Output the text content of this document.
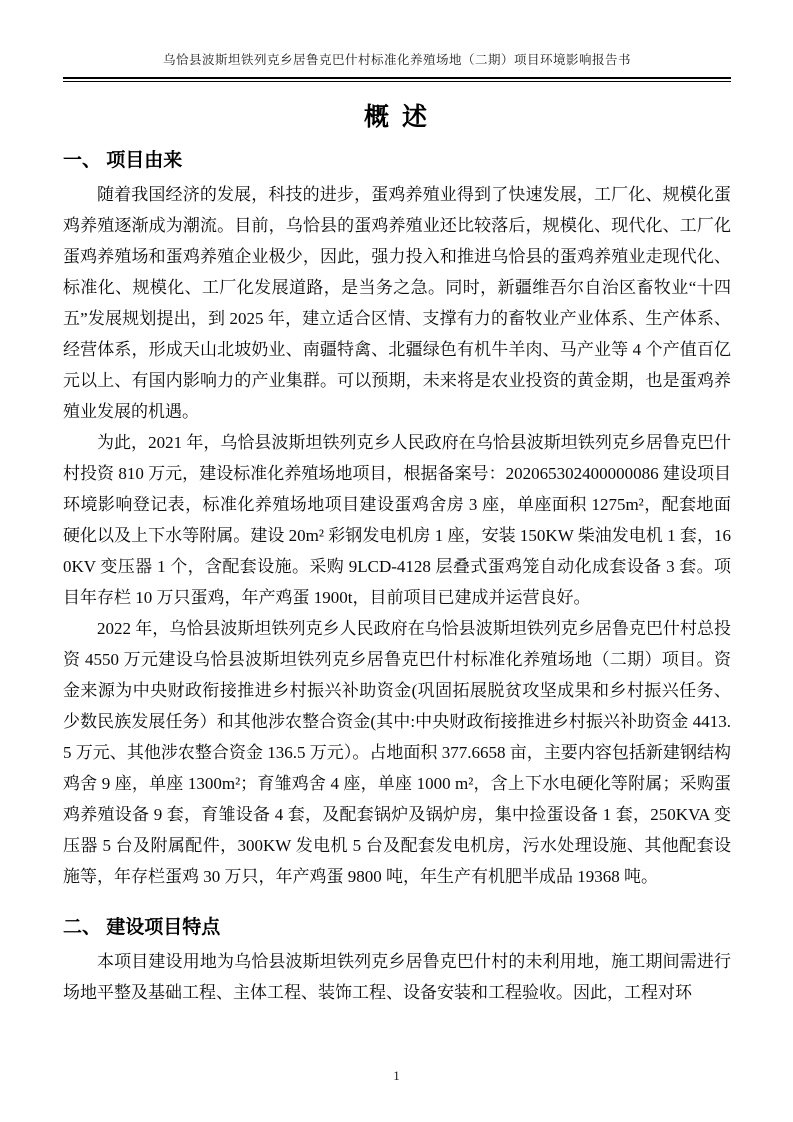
乌恰县波斯坦铁列克乡居鲁克巴什村标准化养殖场地（二期）项目环境影响报告书
概 述
一、 项目由来

随着我国经济的发展，科技的进步，蛋鸡养殖业得到了快速发展，工厂化、规模化蛋鸡养殖逐渐成为潮流。目前，乌恰县的蛋鸡养殖业还比较落后，规模化、现代化、工厂化蛋鸡养殖场和蛋鸡养殖企业极少，因此，强力投入和推进乌恰县的蛋鸡养殖业走现代化、标准化、规模化、工厂化发展道路，是当务之急。同时，新疆维吾尔自治区畜牧业“十四五”发展规划提出，到 2025 年，建立适合区情、支撑有力的畜牧业产业体系、生产体系、经营体系，形成天山北坡奶业、南疆特禽、北疆绿色有机牛羊肉、马产业等 4 个产值百亿元以上、有国内影响力的产业集群。可以预期，未来将是农业投资的黄金期，也是蛋鸡养殖业发展的机遇。

为此，2021 年，乌恰县波斯坦铁列克乡人民政府在乌恰县波斯坦铁列克乡居鲁克巴什村投资 810 万元，建设标准化养殖场地项目，根据备案号：202065302400000086 建设项目环境影响登记表，标准化养殖场地项目建设蛋鸡舍房 3 座，单座面积 1275m²，配套地面硬化以及上下水等附属。建设 20m² 彩钢发电机房 1 座，安装 150KW 柴油发电机 1 套，160KV 变压器 1 个，含配套设施。采购 9LCD-4128 层叠式蛋鸡笼自动化成套设备 3 套。项目年存栏 10 万只蛋鸡，年产鸡蛋 1900t，目前项目已建成并运营良好。

2022 年，乌恰县波斯坦铁列克乡人民政府在乌恰县波斯坦铁列克乡居鲁克巴什村总投资 4550 万元建设乌恰县波斯坦铁列克乡居鲁克巴什村标准化养殖场地（二期）项目。资金来源为中央财政衔接推进乡村振兴补助资金(巩固拓展脱贫攻坚成果和乡村振兴任务、少数民族发展任务）和其他涉农整合资金(其中:中央财政衔接推进乡村振兴补助资金 4413.5 万元、其他涉农整合资金 136.5 万元）。占地面积 377.6658 亩，主要内容包括新建钢结构鸡舍 9 座，单座 1300m²；育雏鸡舍 4 座，单座 1000 m²，含上下水电硬化等附属；采购蛋鸡养殖设备 9 套，育雏设备 4 套，及配套锅炉及锅炉房，集中捡蛋设备 1 套，250KVA 变压器 5 台及附属配件，300KW 发电机 5 台及配套发电机房，污水处理设施、其他配套设施等，年存栏蛋鸡 30 万只，年产鸡蛋 9800 吨，年生产有机肥半成品 19368 吨。

二、 建设项目特点

本项目建设用地为乌恰县波斯坦铁列克乡居鲁克巴什村的未利用地，施工期间需进行场地平整及基础工程、主体工程、装饰工程、设备安装和工程验收。因此，工程对环

1
